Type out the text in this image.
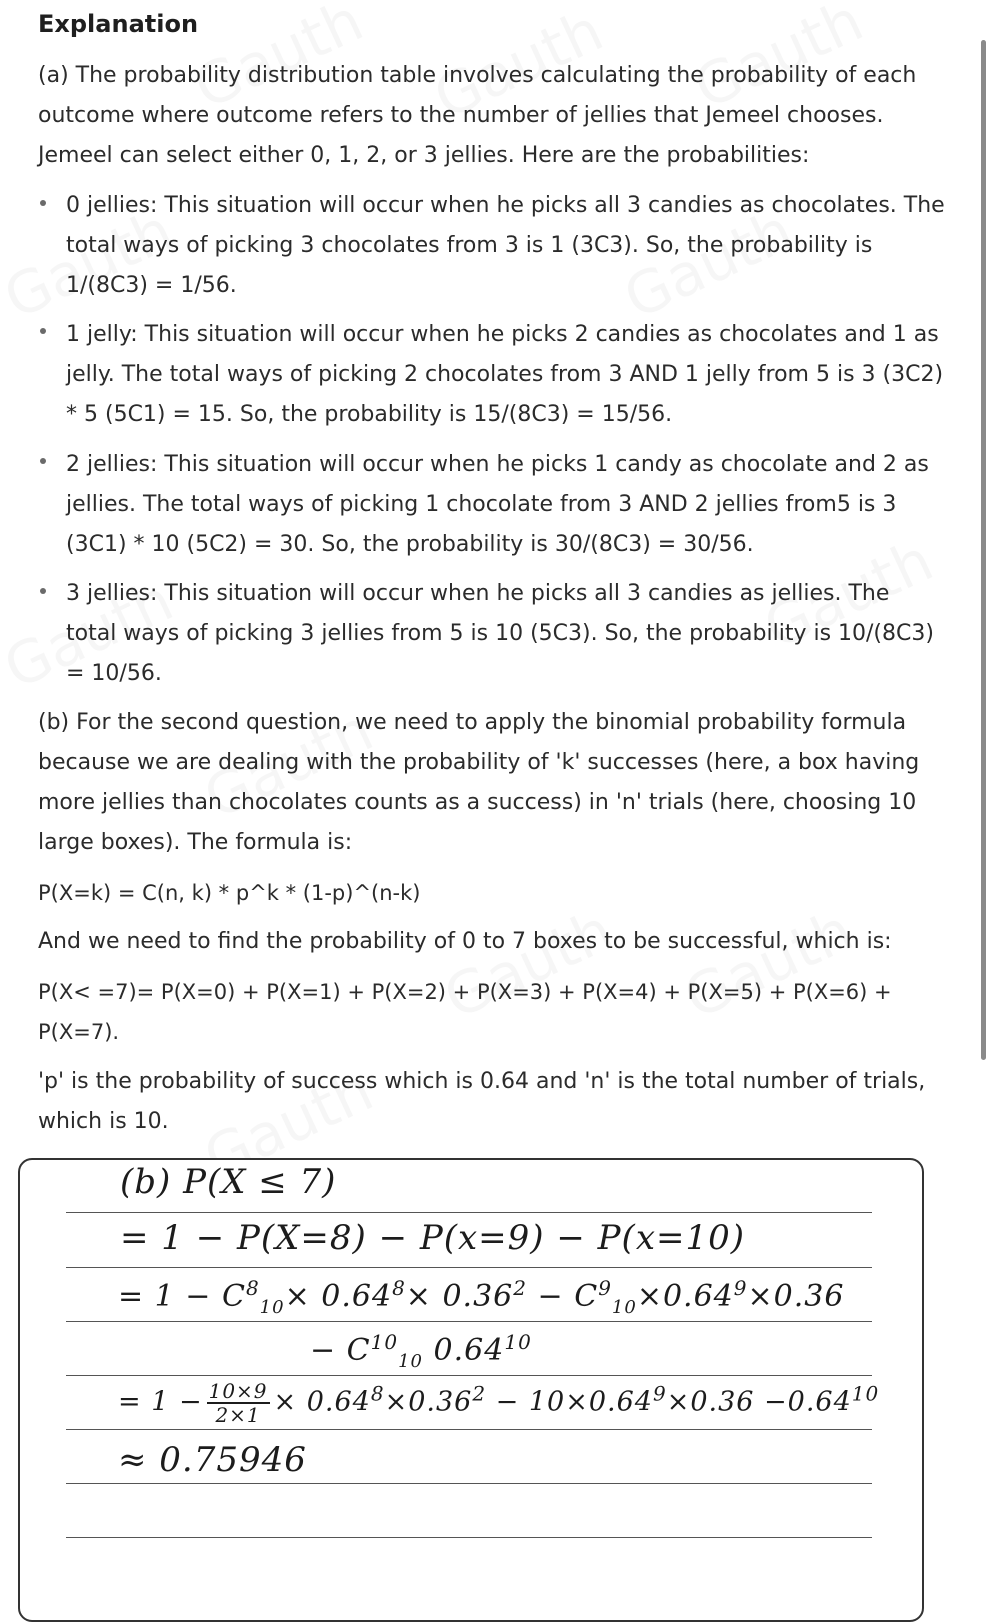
Explanation
(a) The probability distribution table involves calculating the probability of each outcome where outcome refers to the number of jellies that Jemeel chooses. Jemeel can select either 0, 1, 2, or 3 jellies. Here are the probabilities:
0 jellies: This situation will occur when he picks all 3 candies as chocolates. The total ways of picking 3 chocolates from 3 is 1 (3C3). So, the probability is 1/(8C3) = 1/56.
1 jelly: This situation will occur when he picks 2 candies as chocolates and 1 as jelly. The total ways of picking 2 chocolates from 3 AND 1 jelly from 5 is 3 (3C2) * 5 (5C1) = 15. So, the probability is 15/(8C3) = 15/56.
2 jellies: This situation will occur when he picks 1 candy as chocolate and 2 as jellies. The total ways of picking 1 chocolate from 3 AND 2 jellies from5 is 3 (3C1) * 10 (5C2) = 30. So, the probability is 30/(8C3) = 30/56.
3 jellies: This situation will occur when he picks all 3 candies as jellies. The total ways of picking 3 jellies from 5 is 10 (5C3). So, the probability is 10/(8C3) = 10/56.
(b) For the second question, we need to apply the binomial probability formula because we are dealing with the probability of 'k' successes (here, a box having more jellies than chocolates counts as a success) in 'n' trials (here, choosing 10 large boxes). The formula is:
P(X=k) = C(n, k) * p^k * (1-p)^(n-k)
And we need to find the probability of 0 to 7 boxes to be successful, which is:
P(X< =7)= P(X=0) + P(X=1) + P(X=2) + P(X=3) + P(X=4) + P(X=5) + P(X=6) + P(X=7).
'p' is the probability of success which is 0.64 and 'n' is the total number of trials, which is 10.
(b) P(X ≤ 7)
= 1 − P(X=8) − P(x=9) − P(x=10)
= $1 - C^8_{10}\times 0.64^8\times 0.36^2 - C^9_{10}\times 0.64^9\times 0.36$
− $C^{10}_{10}$ $0.64^{10}$
= $1 - \frac{10\times 9}{2\times 1} \times 0.64^8\times 0.36^2 - 10\times 0.64^9\times 0.36 -0.64^{10}$
≈ 0.75946
